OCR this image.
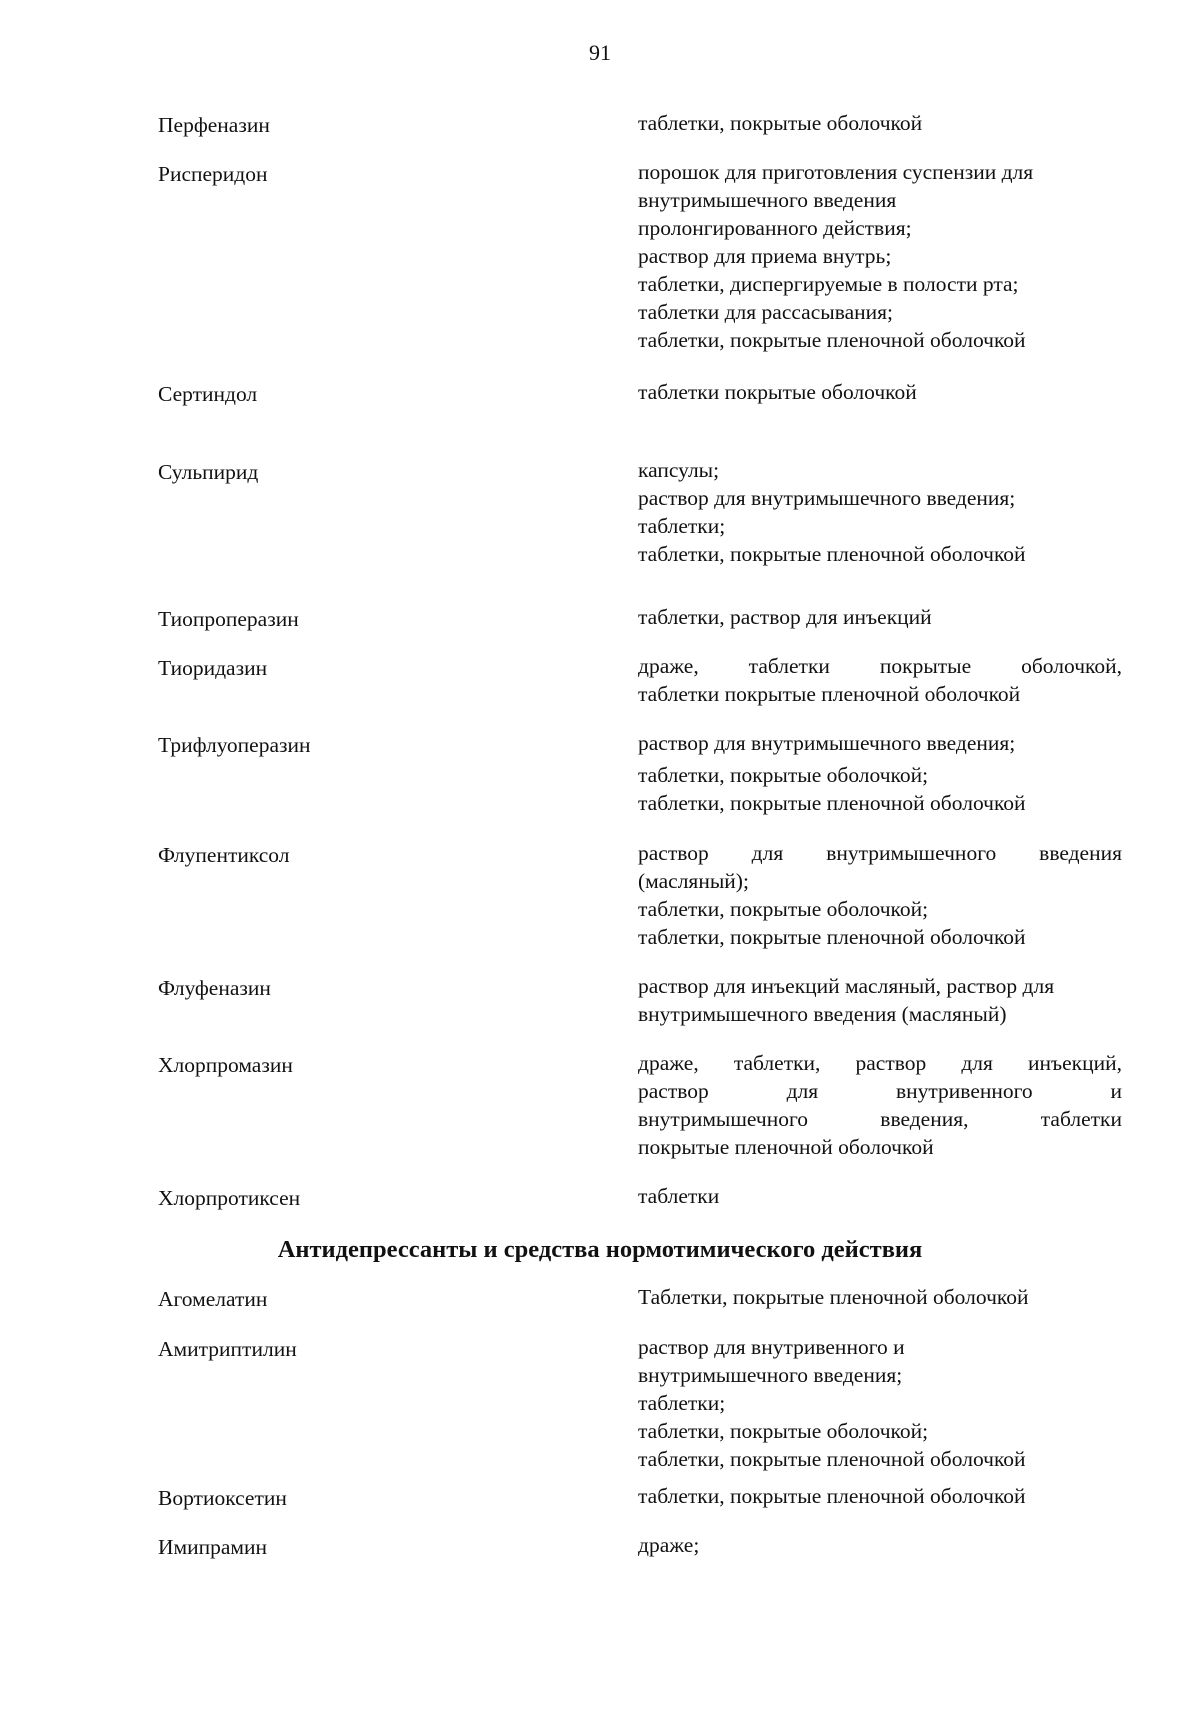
91
Перфеназин	таблетки, покрытые оболочкой
Рисперидон	порошок для приготовления суспензии для
внутримышечного введения
пролонгированного действия;
раствор для приема внутрь;
таблетки, диспергируемые в полости рта;
таблетки для рассасывания;
таблетки, покрытые пленочной оболочкой
Сертиндол	таблетки покрытые оболочкой
Сульпирид	капсулы;
раствор для внутримышечного введения;
таблетки;
таблетки, покрытые пленочной оболочкой
Тиопроперазин	таблетки, раствор для инъекций
Тиоридазин	драже, таблетки покрытые оболочкой,
таблетки покрытые пленочной оболочкой
Трифлуоперазин	раствор для внутримышечного введения;
таблетки, покрытые оболочкой;
таблетки, покрытые пленочной оболочкой
Флупентиксол	раствор для внутримышечного введения
(масляный);
таблетки, покрытые оболочкой;
таблетки, покрытые пленочной оболочкой
Флуфеназин	раствор для инъекций масляный, раствор для
внутримышечного введения (масляный)
Хлорпромазин	драже, таблетки, раствор для инъекций,
раствор для внутривенного и
внутримышечного введения, таблетки
покрытые пленочной оболочкой
Хлорпротиксен	таблетки
Антидепрессанты и средства нормотимического действия
Агомелатин	Таблетки, покрытые пленочной оболочкой
Амитриптилин	раствор для внутривенного и
внутримышечного введения;
таблетки;
таблетки, покрытые оболочкой;
таблетки, покрытые пленочной оболочкой
Вортиоксетин	таблетки, покрытые пленочной оболочкой
Имипрамин	драже;
